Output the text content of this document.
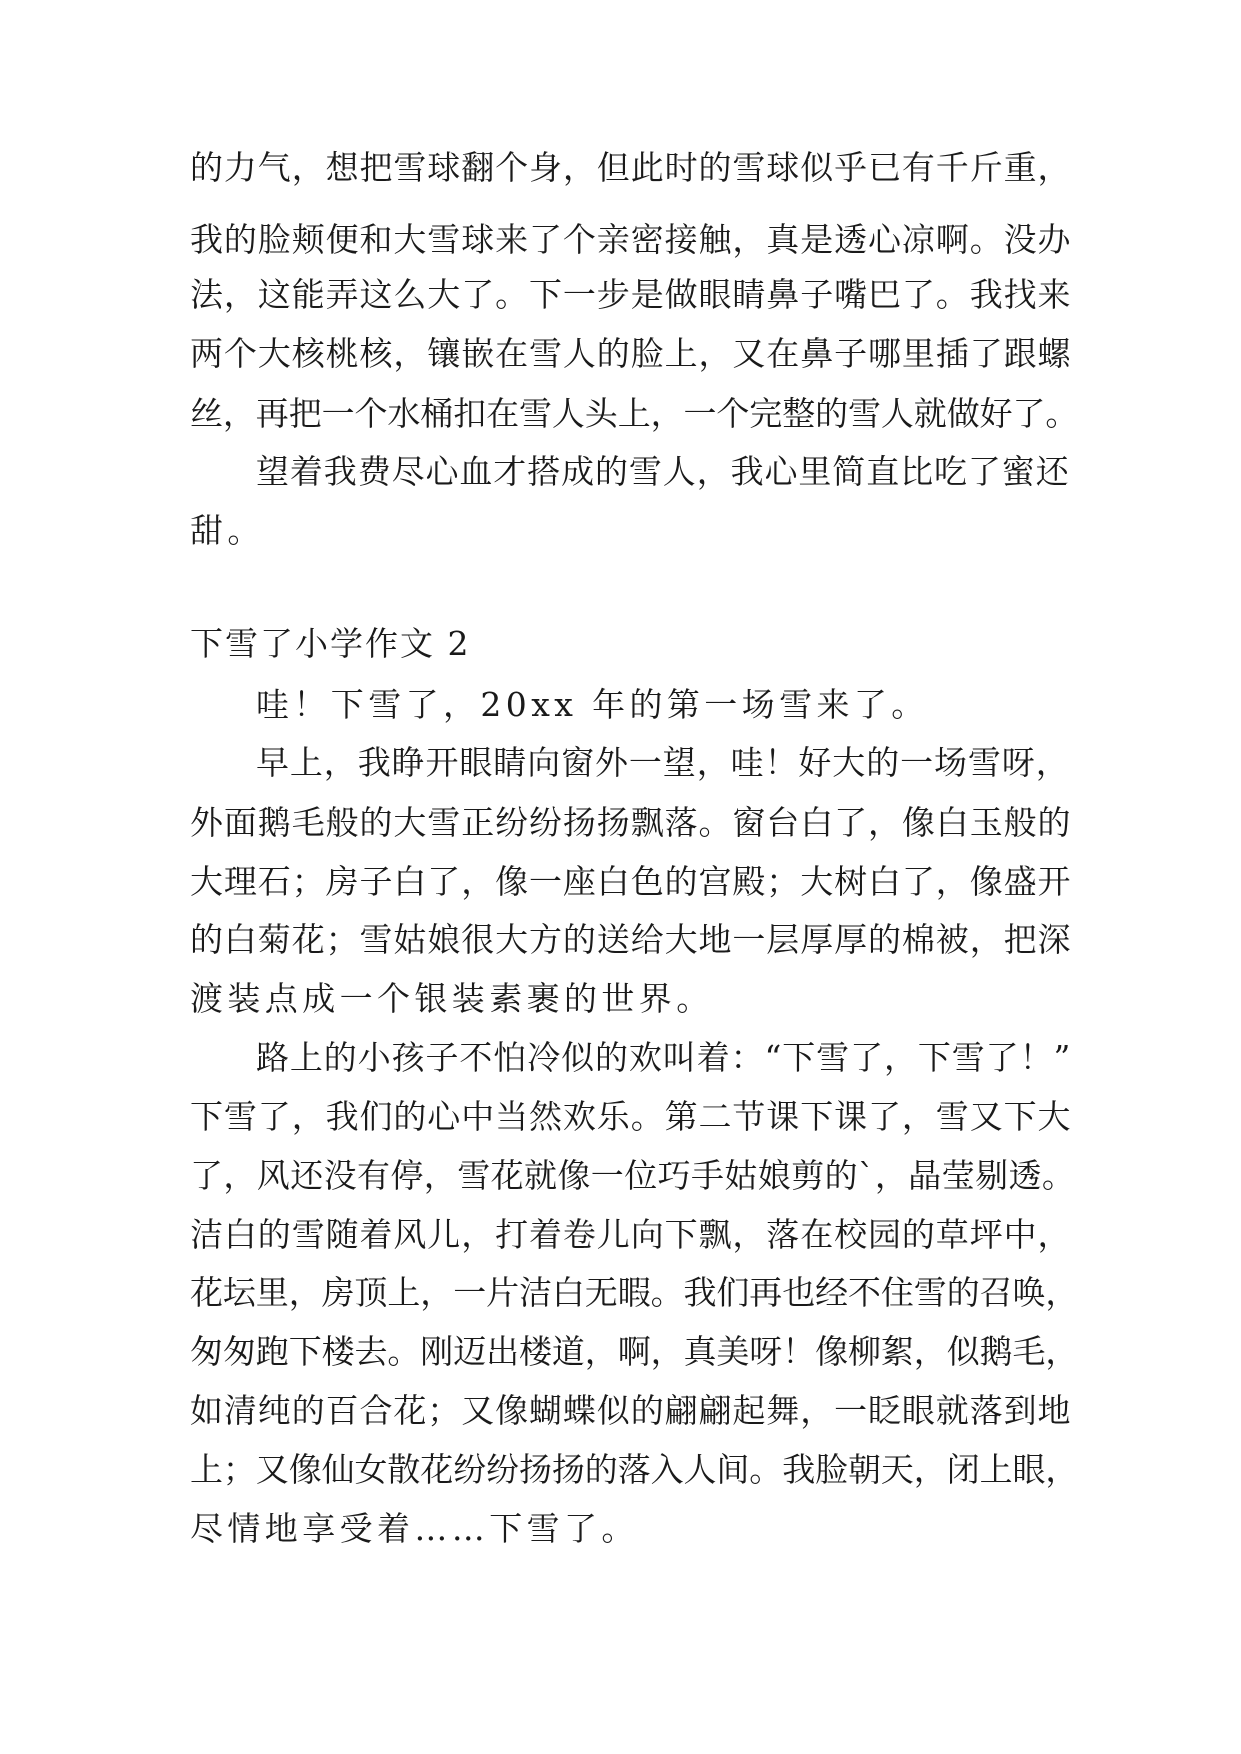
的力气，想把雪球翻个身，但此时的雪球似乎已有千斤重，
我的脸颊便和大雪球来了个亲密接触，真是透心凉啊。没办
法，这能弄这么大了。下一步是做眼睛鼻子嘴巴了。我找来
两个大核桃核，镶嵌在雪人的脸上，又在鼻子哪里插了跟螺
丝，再把一个水桶扣在雪人头上，一个完整的雪人就做好了。
望着我费尽心血才搭成的雪人，我心里简直比吃了蜜还
甜。
下雪了小学作文 2
哇！下雪了，20xx 年的第一场雪来了。
早上，我睁开眼睛向窗外一望，哇！好大的一场雪呀，
外面鹅毛般的大雪正纷纷扬扬飘落。窗台白了，像白玉般的
大理石；房子白了，像一座白色的宫殿；大树白了，像盛开
的白菊花；雪姑娘很大方的送给大地一层厚厚的棉被，把深
渡装点成一个银装素裹的世界。
路上的小孩子不怕冷似的欢叫着：“下雪了，下雪了！”
下雪了，我们的心中当然欢乐。第二节课下课了，雪又下大
了，风还没有停，雪花就像一位巧手姑娘剪的`，晶莹剔透。
洁白的雪随着风儿，打着卷儿向下飘，落在校园的草坪中，
花坛里，房顶上，一片洁白无暇。我们再也经不住雪的召唤，
匆匆跑下楼去。刚迈出楼道，啊，真美呀！像柳絮，似鹅毛，
如清纯的百合花；又像蝴蝶似的翩翩起舞，一眨眼就落到地
上；又像仙女散花纷纷扬扬的落入人间。我脸朝天，闭上眼，
尽情地享受着……下雪了。
